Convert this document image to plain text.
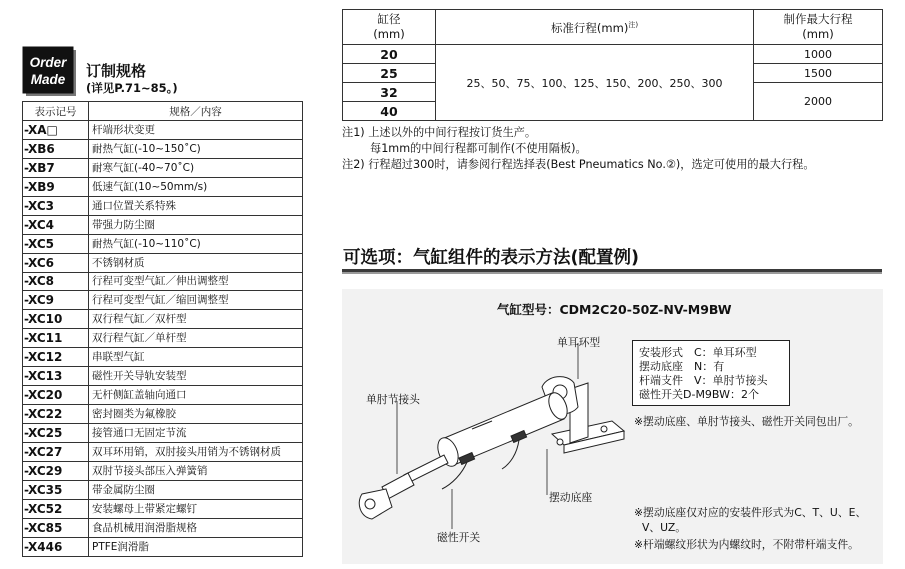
Order
Made 订制规格
(详见P.71~85。)
表示记号	规格／内容
-XA□	杆端形状变更
-XB6	耐热气缸(-10~150˚C)
-XB7	耐寒气缸(-40~70˚C)
-XB9	低速气缸(10~50mm/s)
-XC3	通口位置关系特殊
-XC4	带强力防尘圈
-XC5	耐热气缸(-10~110˚C)
-XC6	不锈钢材质
-XC8	行程可变型气缸／伸出调整型
-XC9	行程可变型气缸／缩回调整型
-XC10	双行程气缸／双杆型
-XC11	双行程气缸／单杆型
-XC12	串联型气缸
-XC13	磁性开关导轨安装型
-XC20	无杆侧缸盖轴向通口
-XC22	密封圈类为氟橡胶
-XC25	接管通口无固定节流
-XC27	双耳环用销，双肘接头用销为不锈钢材质
-XC29	双肘节接头部压入弹簧销
-XC35	带金属防尘圈
-XC52	安装螺母上带紧定螺钉
-XC85	食品机械用润滑脂规格
-X446	PTFE润滑脂
缸径
(mm)	标准行程(mm)$^{注)}$	制作最大行程
(mm)
20	25、50、75、100、125、150、200、250、300	1000
25		1500
32		2000
40		
注1) 上述以外的中间行程按订货生产。
每1mm的中间行程都可制作(不使用隔板)。
注2) 行程超过300时，请参阅行程选择表(Best Pneumatics No.②)，选定可使用的最大行程。
可选项：气缸组件的表示方法(配置例)
气缸型号：CDM2C20-50Z-NV-M9BW
单耳环型
单肘节接头
摆动底座
磁性开关
安装形式　C：单耳环型
摆动底座　N：有
杆端支件　V：单肘节接头
磁性开关D-M9BW：2个
※摆动底座、单肘节接头、磁性开关同包出厂。
※摆动底座仅对应的安装件形式为C、T、U、E、
V、UZ。
※杆端螺纹形状为内螺纹时，不附带杆端支件。
